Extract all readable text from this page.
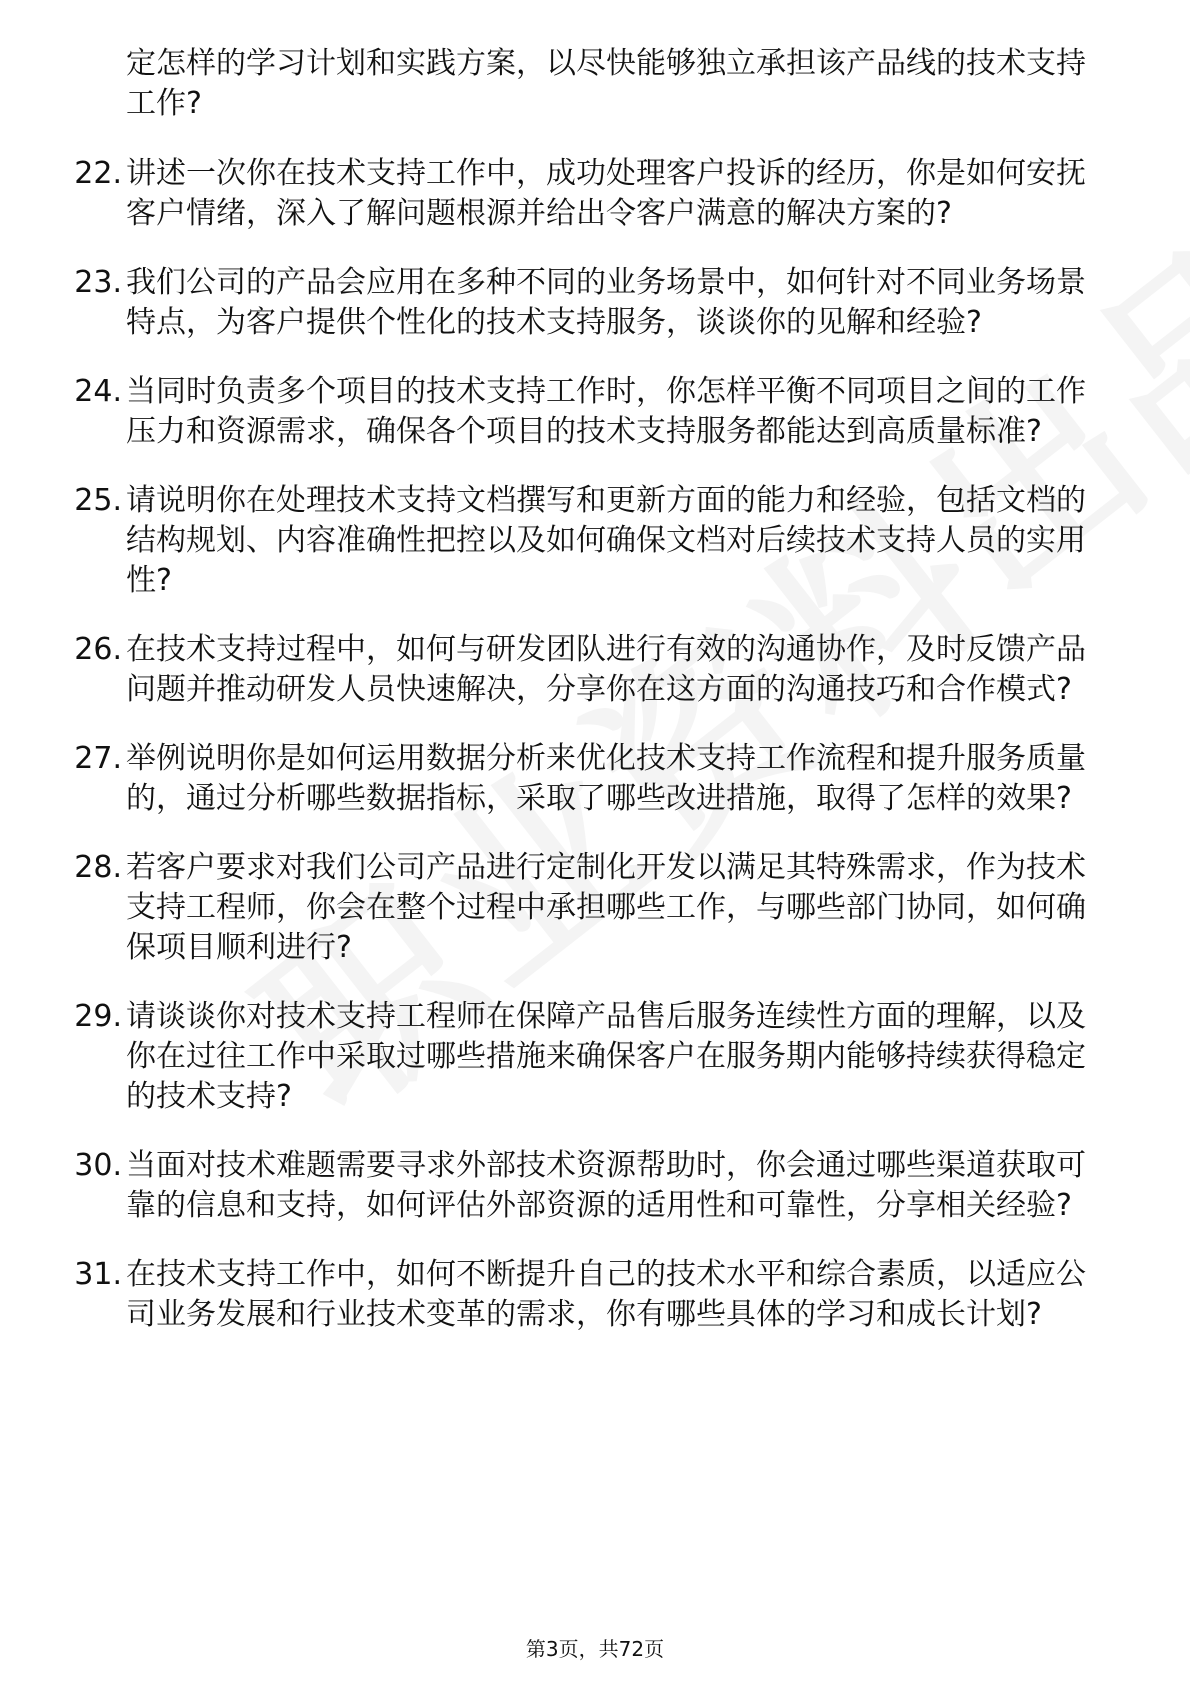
定怎样的学习计划和实践方案，以尽快能够独立承担该产品线的技术支持工作?
22. 讲述一次你在技术支持工作中，成功处理客户投诉的经历，你是如何安抚客户情绪，深入了解问题根源并给出令客户满意的解决方案的?
23. 我们公司的产品会应用在多种不同的业务场景中，如何针对不同业务场景特点，为客户提供个性化的技术支持服务，谈谈你的见解和经验?
24. 当同时负责多个项目的技术支持工作时，你怎样平衡不同项目之间的工作压力和资源需求，确保各个项目的技术支持服务都能达到高质量标准?
25. 请说明你在处理技术支持文档撰写和更新方面的能力和经验，包括文档的结构规划、内容准确性把控以及如何确保文档对后续技术支持人员的实用性?
26. 在技术支持过程中，如何与研发团队进行有效的沟通协作，及时反馈产品问题并推动研发人员快速解决，分享你在这方面的沟通技巧和合作模式?
27. 举例说明你是如何运用数据分析来优化技术支持工作流程和提升服务质量的，通过分析哪些数据指标，采取了哪些改进措施，取得了怎样的效果?
28. 若客户要求对我们公司产品进行定制化开发以满足其特殊需求，作为技术支持工程师，你会在整个过程中承担哪些工作，与哪些部门协同，如何确保项目顺利进行?
29. 请谈谈你对技术支持工程师在保障产品售后服务连续性方面的理解，以及你在过往工作中采取过哪些措施来确保客户在服务期内能够持续获得稳定的技术支持?
30. 当面对技术难题需要寻求外部技术资源帮助时，你会通过哪些渠道获取可靠的信息和支持，如何评估外部资源的适用性和可靠性，分享相关经验?
31. 在技术支持工作中，如何不断提升自己的技术水平和综合素质，以适应公司业务发展和行业技术变革的需求，你有哪些具体的学习和成长计划?
第3页，共72页
